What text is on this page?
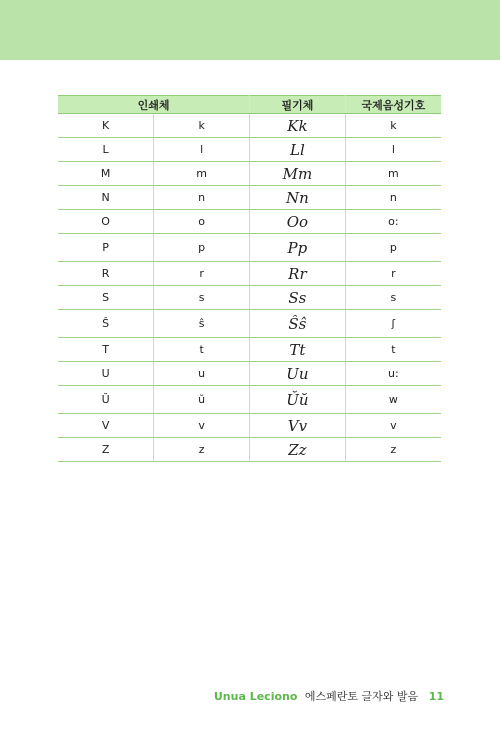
인쇄체		필기체	국제음성기호
K	k	Kk	k
L	l	Ll	l
M	m	Mm	m
N	n	Nn	n
O	o	Oo	o:
P	p	Pp	p
R	r	Rr	r
S	s	Ss	s
Ŝ	ŝ	Ŝŝ	ʃ
T	t	Tt	t
U	u	Uu	u:
Ŭ	ŭ	Ŭŭ	w
V	v	Vv	v
Z	z	Zz	z
Unua Leciono 에스페란토 글자와 발음 11
